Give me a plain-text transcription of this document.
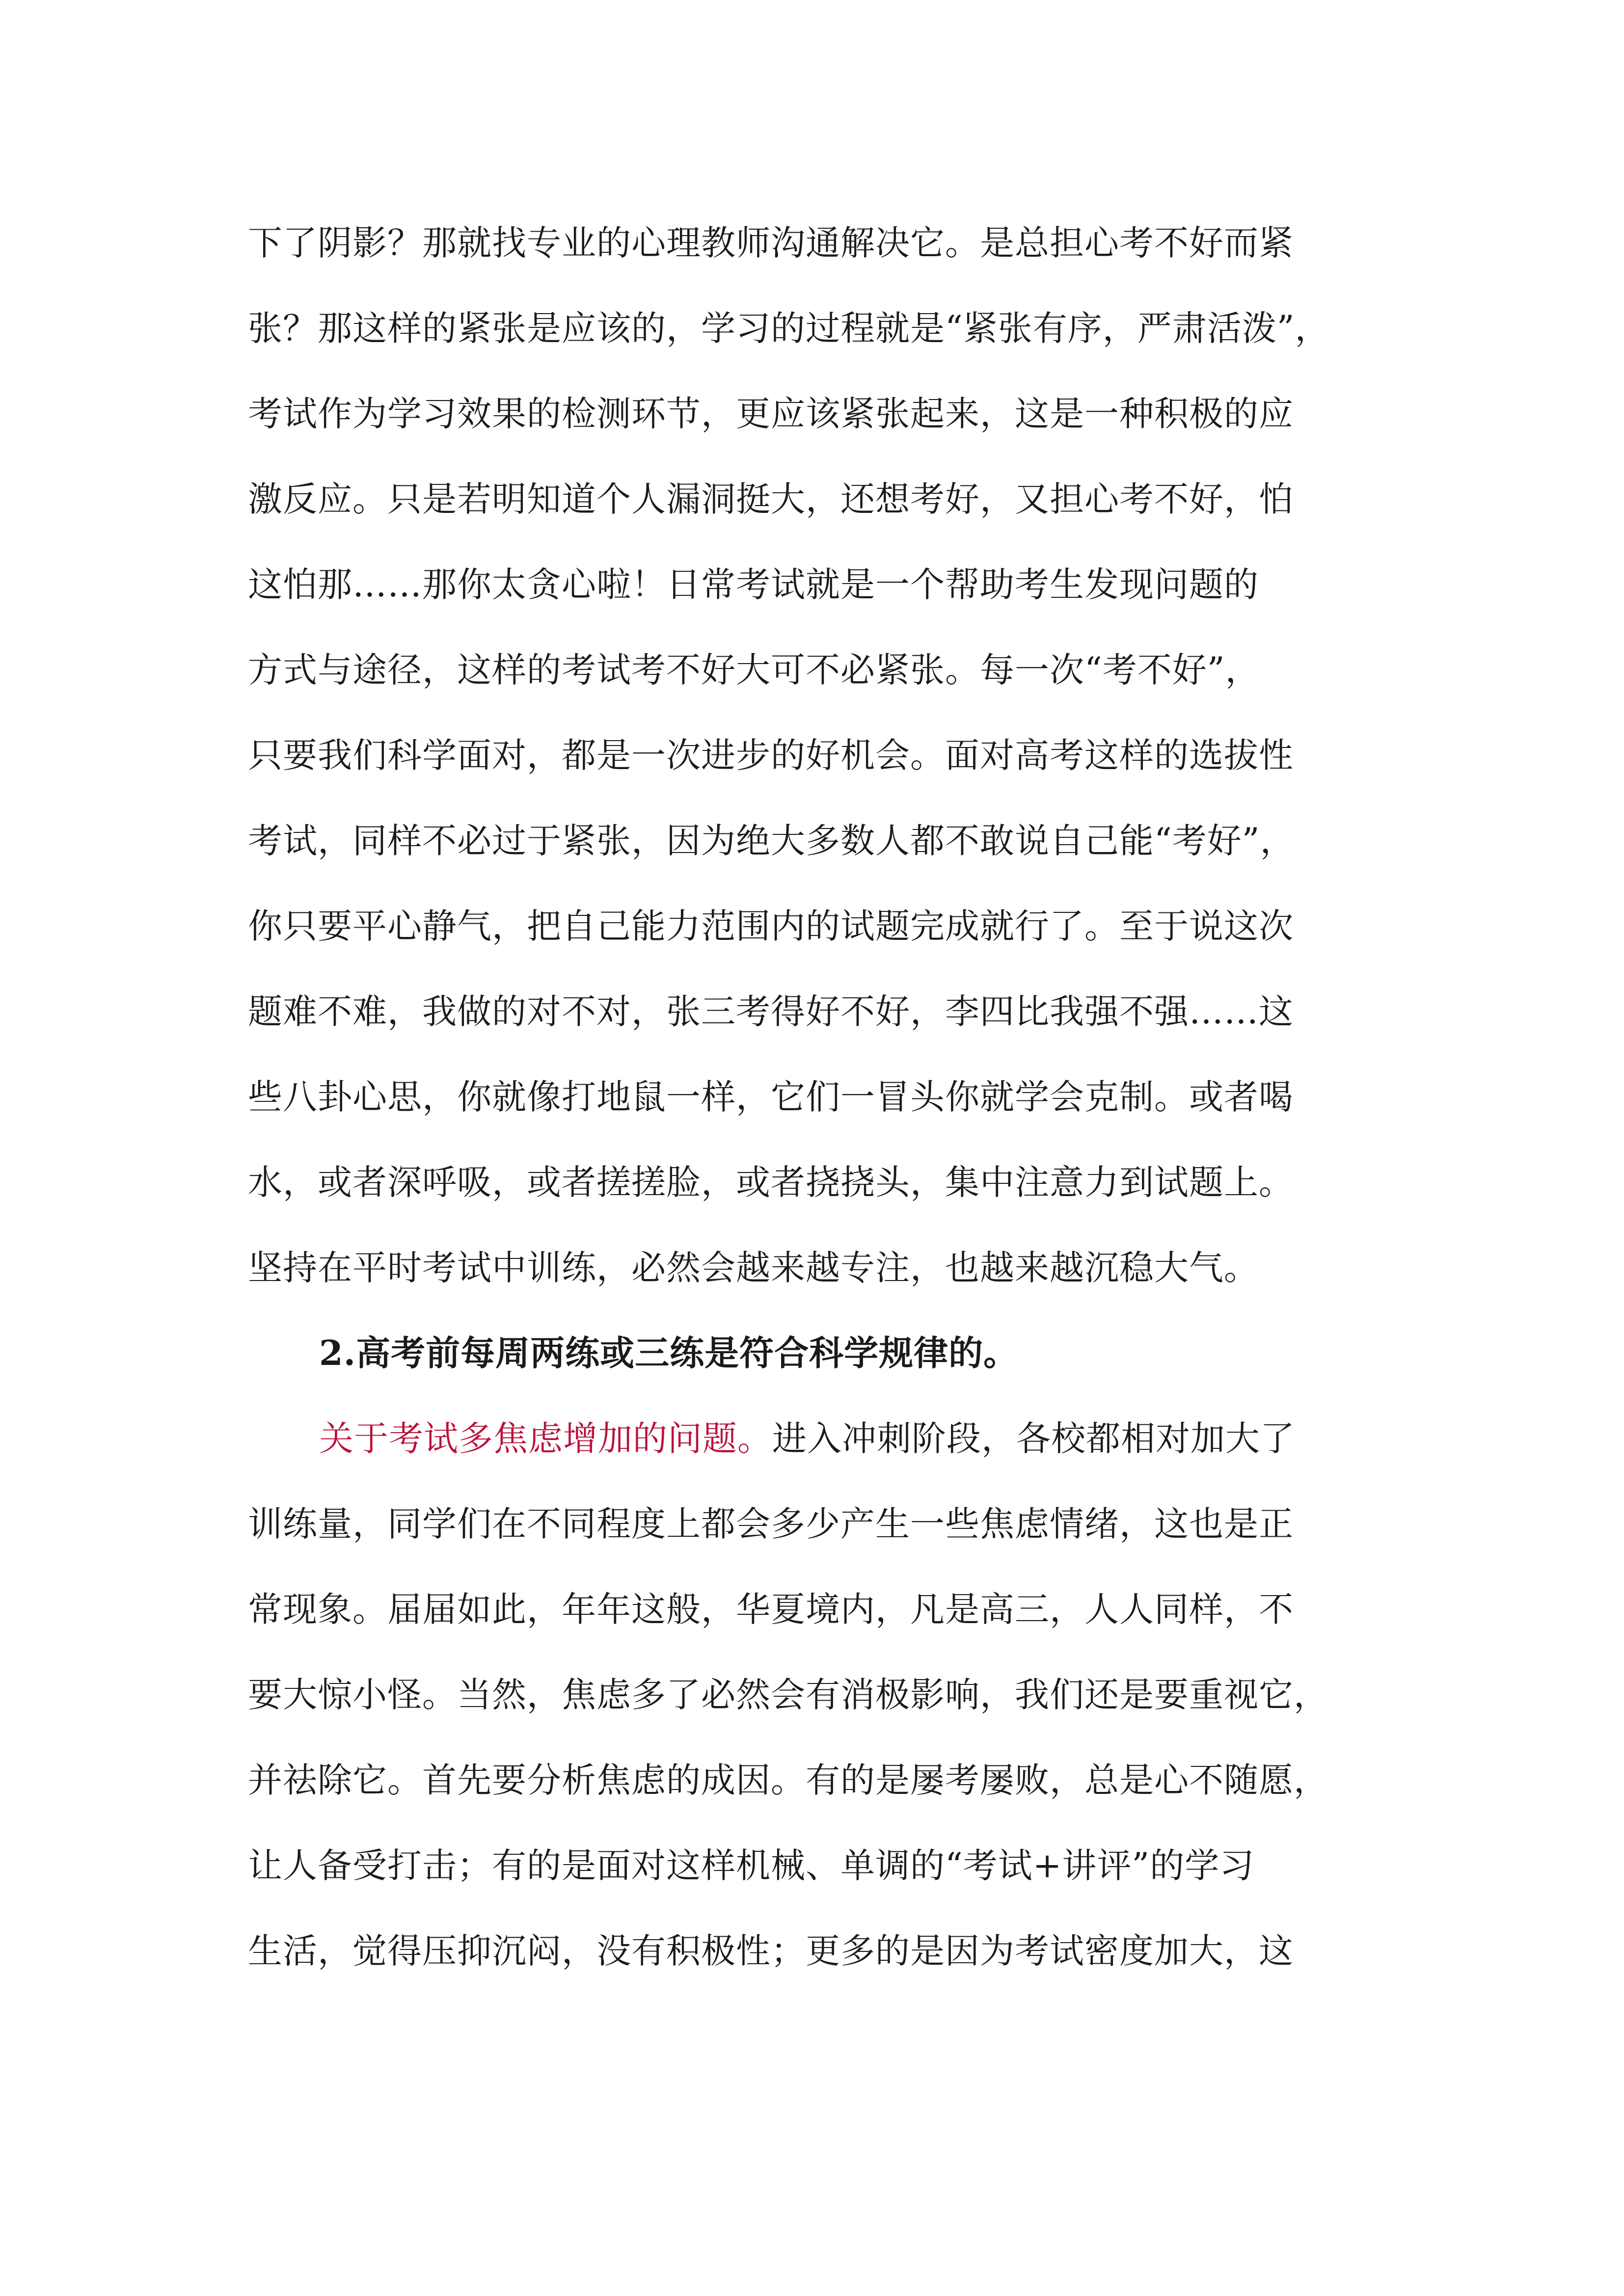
下了阴影？那就找专业的心理教师沟通解决它。是总担心考不好而紧
张？那这样的紧张是应该的，学习的过程就是“紧张有序，严肃活泼”，
考试作为学习效果的检测环节，更应该紧张起来，这是一种积极的应
激反应。只是若明知道个人漏洞挺大，还想考好，又担心考不好，怕
这怕那……那你太贪心啦！日常考试就是一个帮助考生发现问题的
方式与途径，这样的考试考不好大可不必紧张。每一次“考不好”，
只要我们科学面对，都是一次进步的好机会。面对高考这样的选拔性
考试，同样不必过于紧张，因为绝大多数人都不敢说自己能“考好”，
你只要平心静气，把自己能力范围内的试题完成就行了。至于说这次
题难不难，我做的对不对，张三考得好不好，李四比我强不强……这
些八卦心思，你就像打地鼠一样，它们一冒头你就学会克制。或者喝
水，或者深呼吸，或者搓搓脸，或者挠挠头，集中注意力到试题上。
坚持在平时考试中训练，必然会越来越专注，也越来越沉稳大气。
2.高考前每周两练或三练是符合科学规律的。
关于考试多焦虑增加的问题。进入冲刺阶段，各校都相对加大了
训练量，同学们在不同程度上都会多少产生一些焦虑情绪，这也是正
常现象。届届如此，年年这般，华夏境内，凡是高三，人人同样，不
要大惊小怪。当然，焦虑多了必然会有消极影响，我们还是要重视它，
并祛除它。首先要分析焦虑的成因。有的是屡考屡败，总是心不随愿，
让人备受打击；有的是面对这样机械、单调的“考试+讲评”的学习
生活，觉得压抑沉闷，没有积极性；更多的是因为考试密度加大，这
